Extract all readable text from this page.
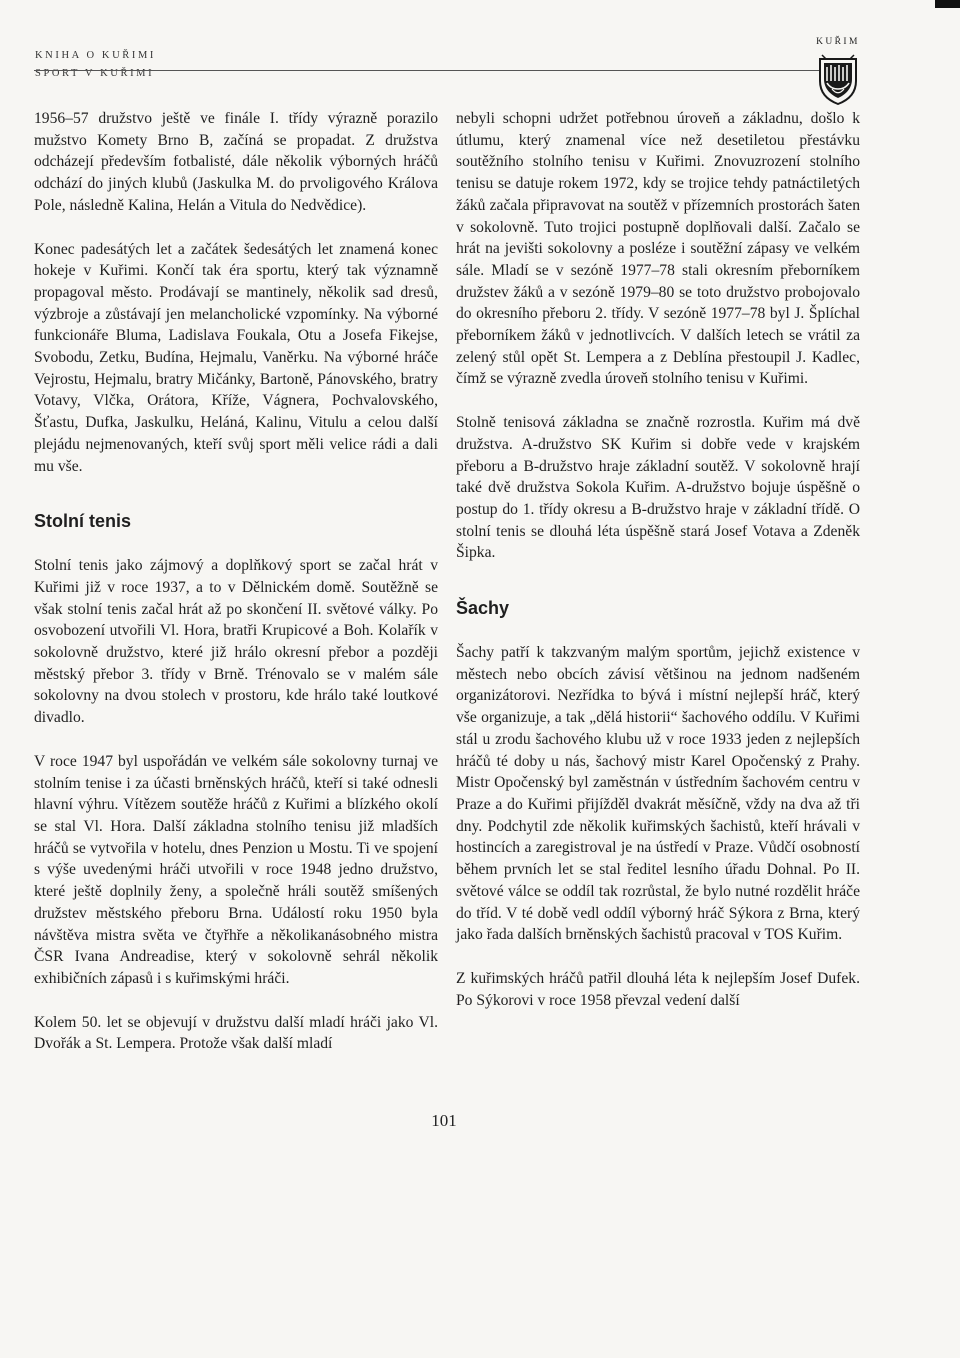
KNIHA O KUŘIMI
SPORT V KUŘIMI
KUŘIM

1956–57 družstvo ještě ve finále I. třídy výrazně porazilo mužstvo Komety Brno B, začíná se propadat. Z družstva odcházejí především fotbalisté, dále několik výborných hráčů odchází do jiných klubů (Jaskulka M. do prvoligového Králova Pole, následně Kalina, Helán a Vitula do Nedvědice).

Konec padesátých let a začátek šedesátých let znamená konec hokeje v Kuřimi. Končí tak éra sportu, který tak významně propagoval město. Prodávají se mantinely, několik sad dresů, výzbroje a zůstávají jen melancholické vzpomínky. Na výborné funkcionáře Bluma, Ladislava Foukala, Otu a Josefa Fikejse, Svobodu, Zetku, Budína, Hejmalu, Vaněrku. Na výborné hráče Vejrostu, Hejmalu, bratry Mičánky, Bartoně, Pánovského, bratry Votavy, Vlčka, Orátora, Kříže, Vágnera, Pochvalovského, Šťastu, Dufka, Jaskulku, Heláná, Kalinu, Vitulu a celou další plejádu nejmenovaných, kteří svůj sport měli velice rádi a dali mu vše.

Stolní tenis

Stolní tenis jako zájmový a doplňkový sport se začal hrát v Kuřimi již v roce 1937, a to v Dělnickém domě. Soutěžně se však stolní tenis začal hrát až po skončení II. světové války. Po osvobození utvořili Vl. Hora, bratři Krupicové a Boh. Kolařík v sokolovně družstvo, které již hrálo okresní přebor a později městský přebor 3. třídy v Brně. Trénovalo se v malém sále sokolovny na dvou stolech v prostoru, kde hrálo také loutkové divadlo.

V roce 1947 byl uspořádán ve velkém sále sokolovny turnaj ve stolním tenise i za účasti brněnských hráčů, kteří si také odnesli hlavní výhru. Vítězem soutěže hráčů z Kuřimi a blízkého okolí se stal Vl. Hora. Další základna stolního tenisu již mladších hráčů se vytvořila v hotelu, dnes Penzion u Mostu. Ti ve spojení s výše uvedenými hráči utvořili v roce 1948 jedno družstvo, které ještě doplnily ženy, a společně hráli soutěž smíšených družstev městského přeboru Brna. Událostí roku 1950 byla návštěva mistra světa ve čtyřhře a několikanásobného mistra ČSR Ivana Andreadise, který v sokolovně sehrál několik exhibičních zápasů i s kuřimskými hráči.

Kolem 50. let se objevují v družstvu další mladí hráči jako Vl. Dvořák a St. Lempera. Protože však další mladí

nebyli schopni udržet potřebnou úroveň a základnu, došlo k útlumu, který znamenal více než desetiletou přestávku soutěžního stolního tenisu v Kuřimi. Znovuzrození stolního tenisu se datuje rokem 1972, kdy se trojice tehdy patnáctiletých žáků začala připravovat na soutěž v přízemních prostorách šaten v sokolovně. Tuto trojici postupně doplňovali další. Začalo se hrát na jevišti sokolovny a posléze i soutěžní zápasy ve velkém sále. Mladí se v sezóně 1977–78 stali okresním přeborníkem družstev žáků a v sezóně 1979–80 se toto družstvo probojovalo do okresního přeboru 2. třídy. V sezóně 1977–78 byl J. Šplíchal přeborníkem žáků v jednotlivcích. V dalších letech se vrátil za zelený stůl opět St. Lempera a z Deblína přestoupil J. Kadlec, čímž se výrazně zvedla úroveň stolního tenisu v Kuřimi.

Stolně tenisová základna se značně rozrostla. Kuřim má dvě družstva. A-družstvo SK Kuřim si dobře vede v krajském přeboru a B-družstvo hraje základní soutěž. V sokolovně hrají také dvě družstva Sokola Kuřim. A-družstvo bojuje úspěšně o postup do 1. třídy okresu a B-družstvo hraje v základní třídě. O stolní tenis se dlouhá léta úspěšně stará Josef Votava a Zdeněk Šipka.

Šachy

Šachy patří k takzvaným malým sportům, jejichž existence v městech nebo obcích závisí většinou na jednom nadšeném organizátorovi. Nezřídka to bývá i místní nejlepší hráč, který vše organizuje, a tak „dělá historii“ šachového oddílu. V Kuřimi stál u zrodu šachového klubu už v roce 1933 jeden z nejlepších hráčů té doby u nás, šachový mistr Karel Opočenský z Prahy. Mistr Opočenský byl zaměstnán v ústředním šachovém centru v Praze a do Kuřimi přijížděl dvakrát měsíčně, vždy na dva až tři dny. Podchytil zde několik kuřimských šachistů, kteří hrávali v hostincích a zaregistroval je na ústředí v Praze. Vůdčí osobností během prvních let se stal ředitel lesního úřadu Dohnal. Po II. světové válce se oddíl tak rozrůstal, že bylo nutné rozdělit hráče do tříd. V té době vedl oddíl výborný hráč Sýkora z Brna, který jako řada dalších brněnských šachistů pracoval v TOS Kuřim.

Z kuřimských hráčů patřil dlouhá léta k nejlepším Josef Dufek. Po Sýkorovi v roce 1958 převzal vedení další

101
